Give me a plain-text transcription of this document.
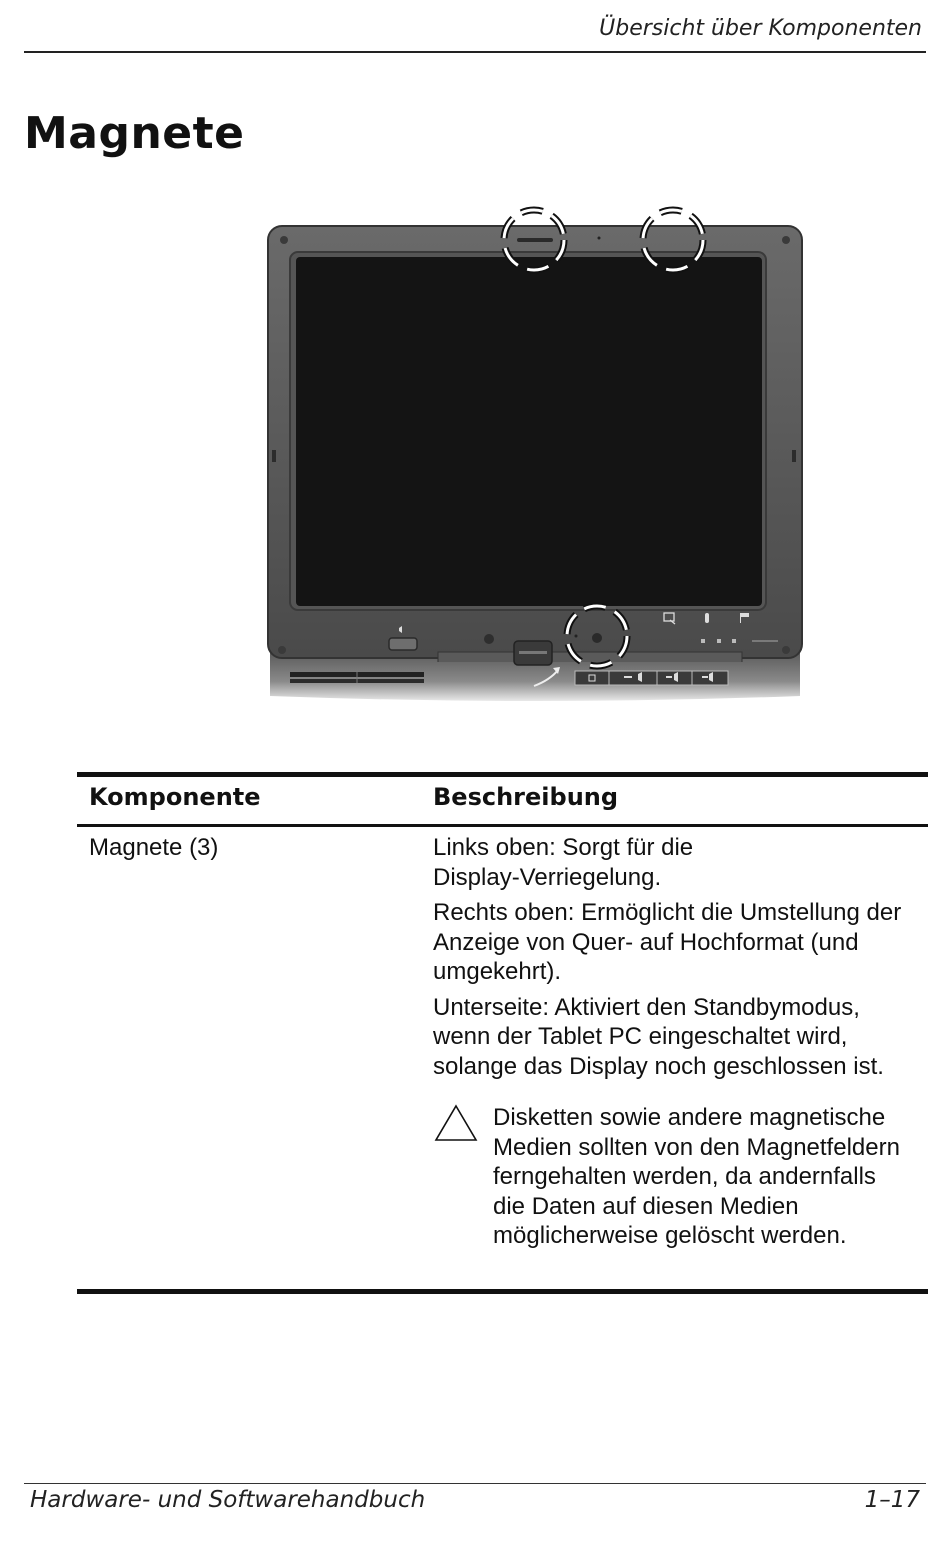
Übersicht über Komponenten
Magnete
Komponente	Beschreibung
Magnete (3)	Links oben: Sorgt für die Display-Verriegelung.

Rechts oben: Ermöglicht die Umstellung der Anzeige von Quer- auf Hochformat (und umgekehrt).

Unterseite: Aktiviert den Standbymodus, wenn der Tablet PC eingeschaltet wird, solange das Display noch geschlossen ist.

Disketten sowie andere magnetische Medien sollten von den Magnetfeldern ferngehalten werden, da andernfalls die Daten auf diesen Medien möglicherweise gelöscht werden.

Hardware- und Softwarehandbuch	1–17
